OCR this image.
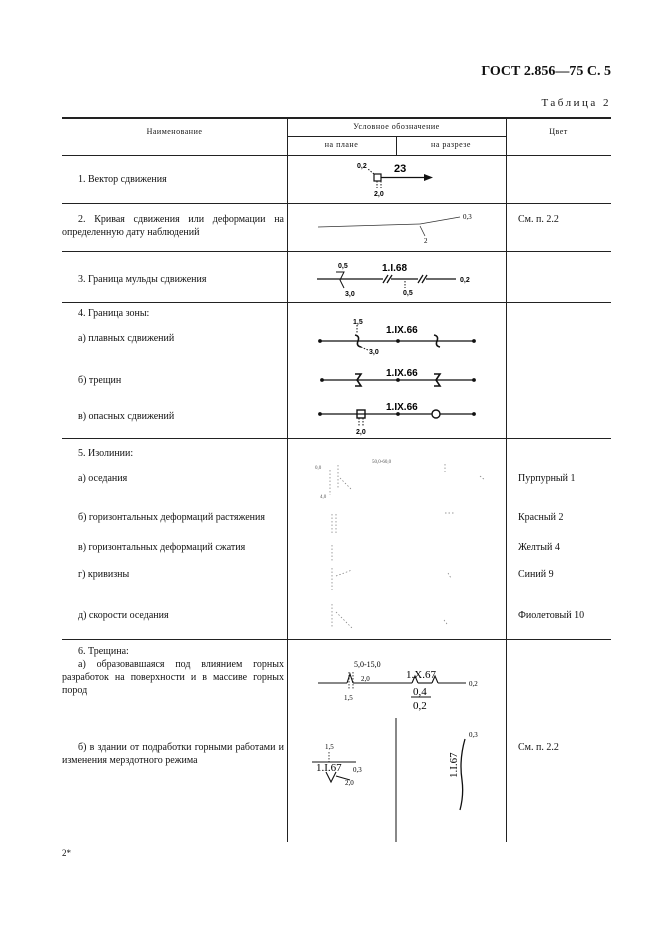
ГОСТ 2.856—75 С. 5
Таблица 2
Наименование
Условное обозначение
на плане	на разрезе
Цвет
1. Вектор сдвижения
2. Кривая сдвижения или деформации на определенную дату наблюдений
3. Граница мульды сдвижения
4. Граница зоны:
а) плавных сдвижений
б) трещин
в) опасных сдвижений
5. Изолинии:
а) оседания
б) горизонтальных деформаций растяжения
в) горизонтальных деформаций сжатия
г) кривизны
д) скорости оседания
6. Трещина:
а) образовавшаяся под влиянием горных разработок на поверхности и в массиве горных пород
б) в здании от подработки горными работами и изменения мерздотного режима
См. п. 2.2
Пурпурный 1
Красный 2
Желтый 4
Синий 9
Фиолетовый 10
См. п. 2.2
0,2 23
2,0
0,3
2
1.I.68
0,5
3,0	0,5
0,2
1,5
1.IX.66
3,0
1.IX.66
1.IX.66
2,0
50,0-60,0
0,0
4,0
5,0-15,0
1.X.67
2,0
0,4
0,2
1,5
0,2
1,5
1.I.67 0,3
2,0
1.I.67
0,3
2*
